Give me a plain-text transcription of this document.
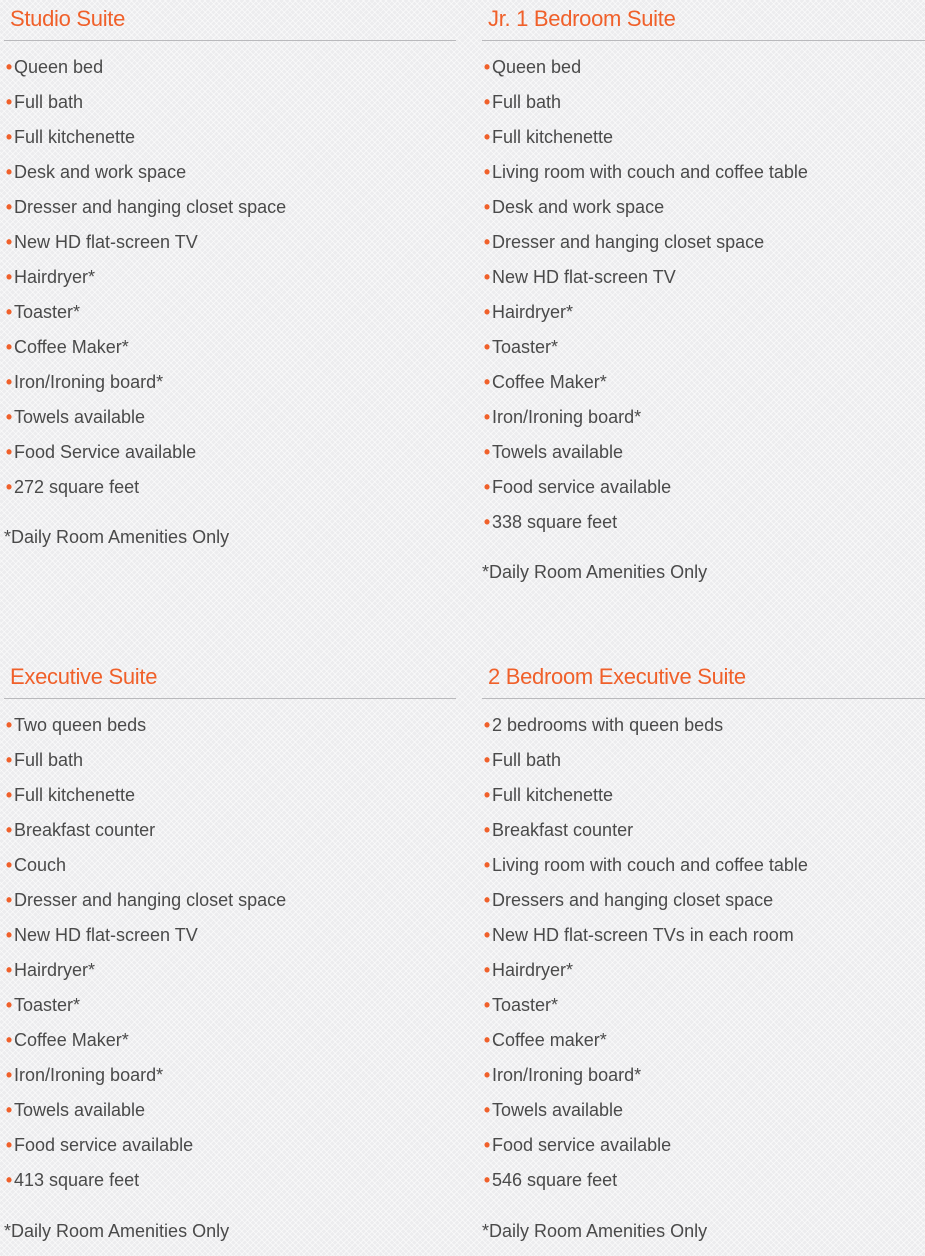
Studio Suite
• Queen bed
• Full bath
• Full kitchenette
• Desk and work space
• Dresser and hanging closet space
• New HD flat-screen TV
• Hairdryer*
• Toaster*
• Coffee Maker*
• Iron/Ironing board*
• Towels available
• Food Service available
• 272 square feet

*Daily Room Amenities Only

Jr. 1 Bedroom Suite
• Queen bed
• Full bath
• Full kitchenette
• Living room with couch and coffee table
• Desk and work space
• Dresser and hanging closet space
• New HD flat-screen TV
• Hairdryer*
• Toaster*
• Coffee Maker*
• Iron/Ironing board*
• Towels available
• Food service available
• 338 square feet

*Daily Room Amenities Only

Executive Suite
• Two queen beds
• Full bath
• Full kitchenette
• Breakfast counter
• Couch
• Dresser and hanging closet space
• New HD flat-screen TV
• Hairdryer*
• Toaster*
• Coffee Maker*
• Iron/Ironing board*
• Towels available
• Food service available
• 413 square feet

*Daily Room Amenities Only

2 Bedroom Executive Suite
• 2 bedrooms with queen beds
• Full bath
• Full kitchenette
• Breakfast counter
• Living room with couch and coffee table
• Dressers and hanging closet space
• New HD flat-screen TVs in each room
• Hairdryer*
• Toaster*
• Coffee maker*
• Iron/Ironing board*
• Towels available
• Food service available
• 546 square feet

*Daily Room Amenities Only
